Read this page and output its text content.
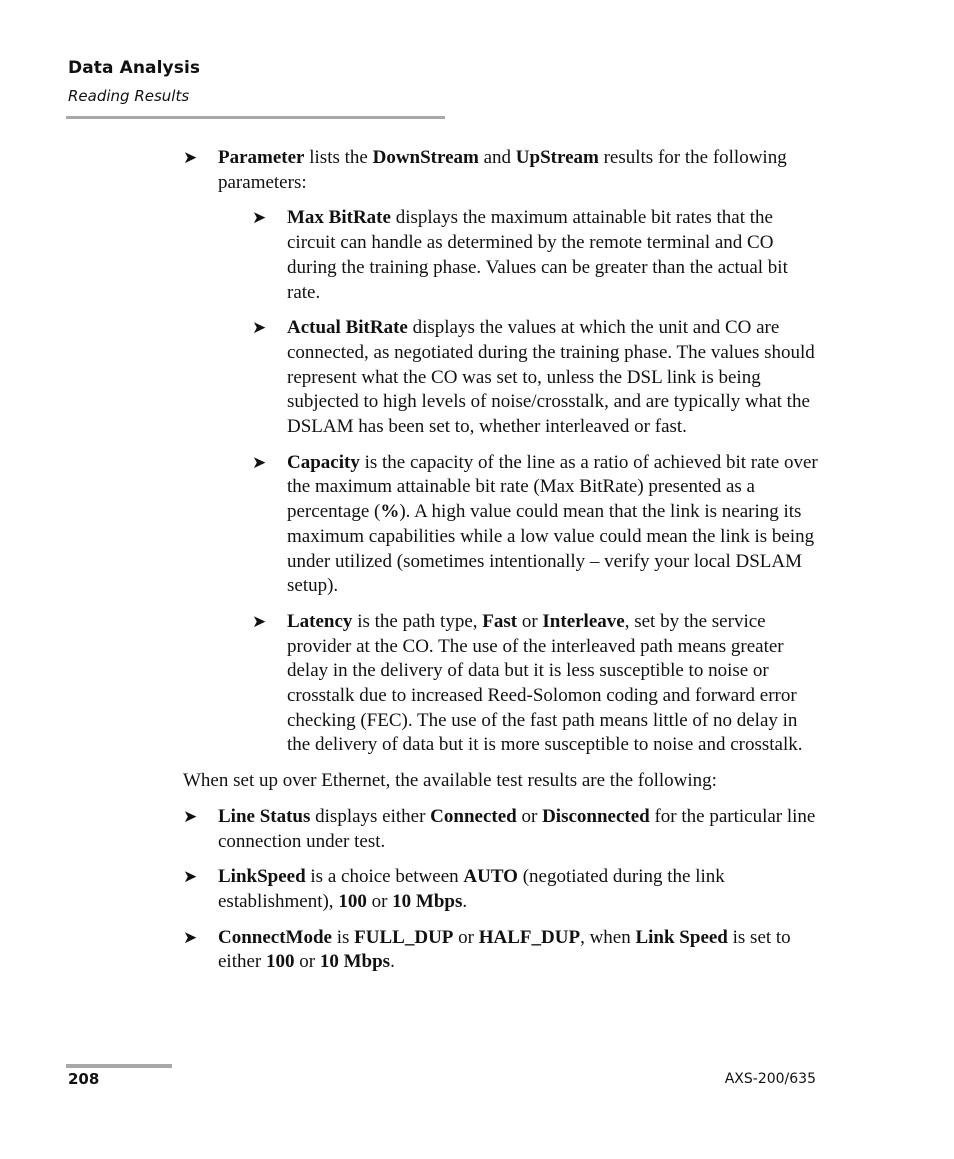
Data Analysis
Reading Results
➤ Parameter lists the DownStream and UpStream results for the following parameters:
➤ Max BitRate displays the maximum attainable bit rates that the circuit can handle as determined by the remote terminal and CO during the training phase. Values can be greater than the actual bit rate.
➤ Actual BitRate displays the values at which the unit and CO are connected, as negotiated during the training phase. The values should represent what the CO was set to, unless the DSL link is being subjected to high levels of noise/crosstalk, and are typically what the DSLAM has been set to, whether interleaved or fast.
➤ Capacity is the capacity of the line as a ratio of achieved bit rate over the maximum attainable bit rate (Max BitRate) presented as a percentage (%). A high value could mean that the link is nearing its maximum capabilities while a low value could mean the link is being under utilized (sometimes intentionally – verify your local DSLAM setup).
➤ Latency is the path type, Fast or Interleave, set by the service provider at the CO. The use of the interleaved path means greater delay in the delivery of data but it is less susceptible to noise or crosstalk due to increased Reed-Solomon coding and forward error checking (FEC). The use of the fast path means little of no delay in the delivery of data but it is more susceptible to noise and crosstalk.

When set up over Ethernet, the available test results are the following:

➤ Line Status displays either Connected or Disconnected for the particular line connection under test.
➤ LinkSpeed is a choice between AUTO (negotiated during the link establishment), 100 or 10 Mbps.
➤ ConnectMode is FULL_DUP or HALF_DUP, when Link Speed is set to either 100 or 10 Mbps.
208	AXS-200/635
